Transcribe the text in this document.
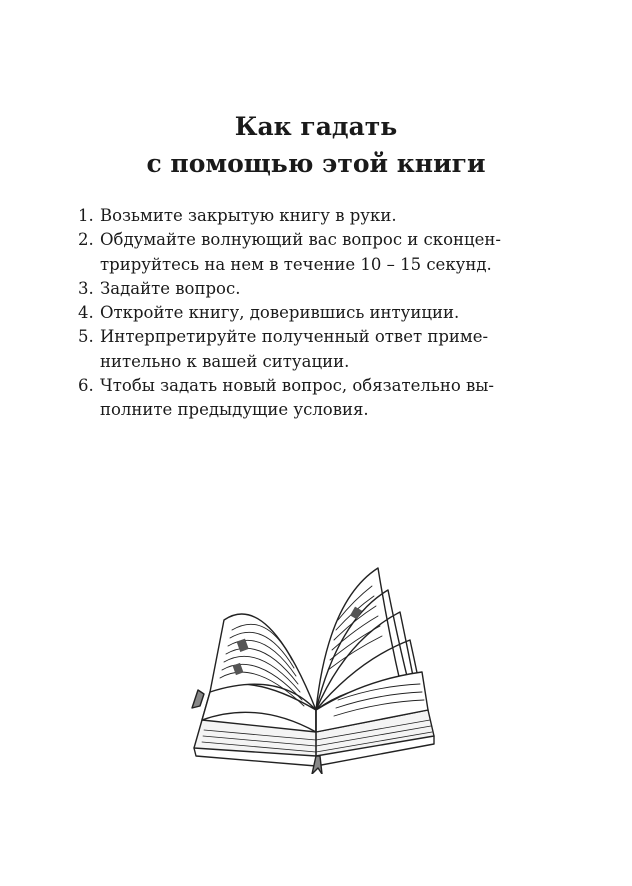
Как гадать
с помощью этой книги
1. Возьмите закрытую книгу в руки.
2. Обдумайте волнующий вас вопрос и сконцен-
трируйтесь на нем в течение 10 – 15 секунд.
3. Задайте вопрос.
4. Откройте книгу, доверившись интуиции.
5. Интерпретируйте полученный ответ приме-
нительно к вашей ситуации.
6. Чтобы задать новый вопрос, обязательно вы-
полните предыдущие условия.
